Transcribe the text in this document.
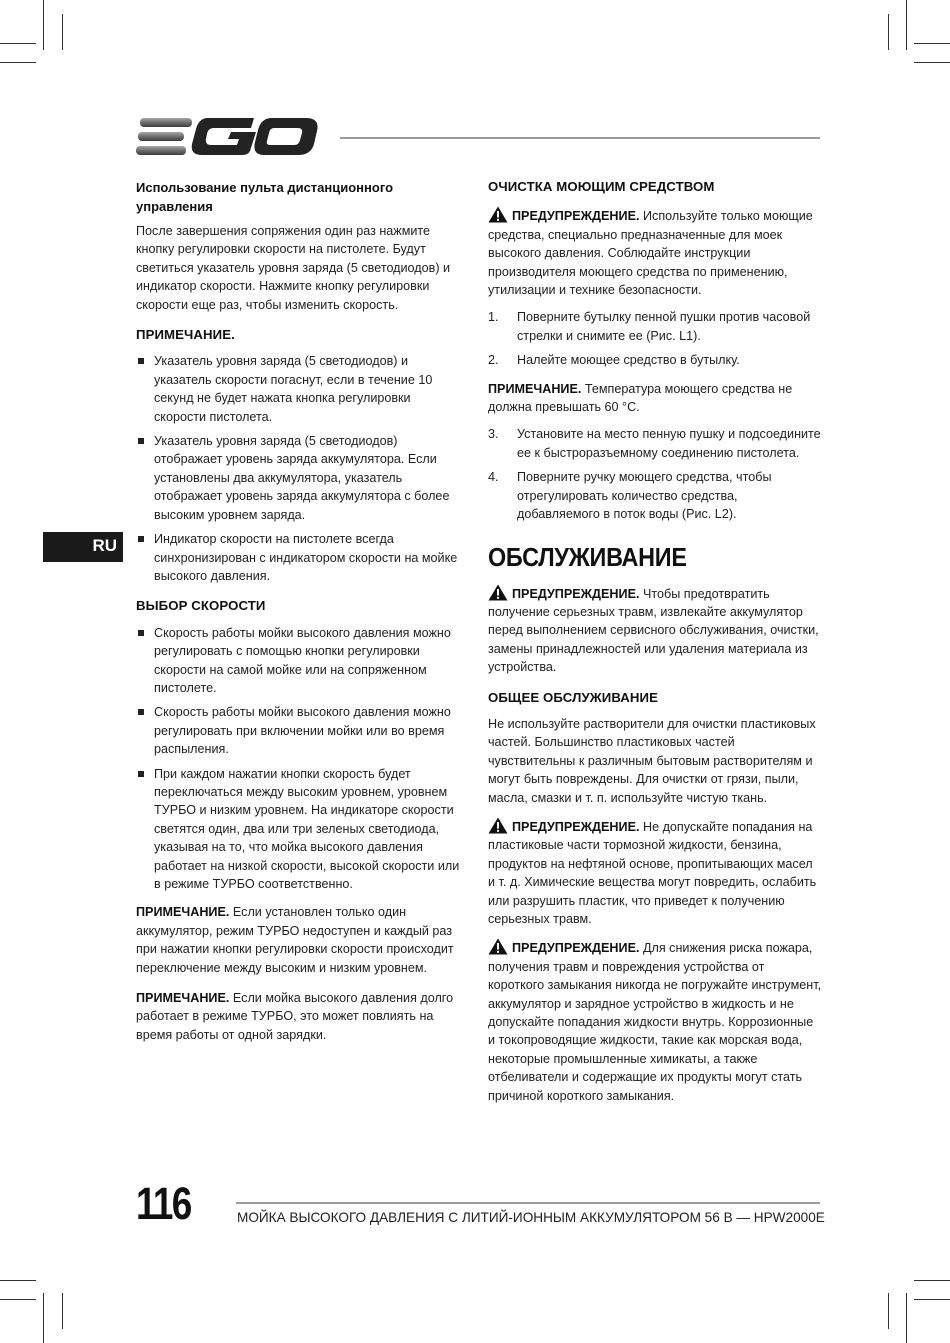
RU
Использование пульта дистанционного управления

После завершения сопряжения один раз нажмите кнопку регулировки скорости на пистолете. Будут светиться указатель уровня заряда (5 светодиодов) и индикатор скорости. Нажмите кнопку регулировки скорости еще раз, чтобы изменить скорость.

ПРИМЕЧАНИЕ.
Указатель уровня заряда (5 светодиодов) и указатель скорости погаснут, если в течение 10 секунд не будет нажата кнопка регулировки скорости пистолета.
Указатель уровня заряда (5 светодиодов) отображает уровень заряда аккумулятора. Если установлены два аккумулятора, указатель отображает уровень заряда аккумулятора с более высоким уровнем заряда.
Индикатор скорости на пистолете всегда синхронизирован с индикатором скорости на мойке высокого давления.
ВЫБОР СКОРОСТИ
Скорость работы мойки высокого давления можно регулировать с помощью кнопки регулировки скорости на самой мойке или на сопряженном пистолете.
Скорость работы мойки высокого давления можно регулировать при включении мойки или во время распыления.
При каждом нажатии кнопки скорость будет переключаться между высоким уровнем, уровнем ТУРБО и низким уровнем. На индикаторе скорости светятся один, два или три зеленых светодиода, указывая на то, что мойка высокого давления работает на низкой скорости, высокой скорости или в режиме ТУРБО соответственно.

ПРИМЕЧАНИЕ. Если установлен только один аккумулятор, режим ТУРБО недоступен и каждый раз при нажатии кнопки регулировки скорости происходит переключение между высоким и низким уровнем.

ПРИМЕЧАНИЕ. Если мойка высокого давления долго работает в режиме ТУРБО, это может повлиять на время работы от одной зарядки.

ОЧИСТКА МОЮЩИМ СРЕДСТВОМ

ПРЕДУПРЕЖДЕНИЕ. Используйте только моющие средства, специально предназначенные для моек высокого давления. Соблюдайте инструкции производителя моющего средства по применению, утилизации и технике безопасности.

1. Поверните бутылку пенной пушки против часовой стрелки и снимите ее (Рис. L1).
2. Налейте моющее средство в бутылку.

ПРИМЕЧАНИЕ. Температура моющего средства не должна превышать 60 °C.

3. Установите на место пенную пушку и подсоедините ее к быстроразъемному соединению пистолета.
4. Поверните ручку моющего средства, чтобы отрегулировать количество средства, добавляемого в поток воды (Рис. L2).
ОБСЛУЖИВАНИЕ

ПРЕДУПРЕЖДЕНИЕ. Чтобы предотвратить получение серьезных травм, извлекайте аккумулятор перед выполнением сервисного обслуживания, очистки, замены принадлежностей или удаления материала из устройства.

ОБЩЕЕ ОБСЛУЖИВАНИЕ

Не используйте растворители для очистки пластиковых частей. Большинство пластиковых частей чувствительны к различным бытовым растворителям и могут быть повреждены. Для очистки от грязи, пыли, масла, смазки и т. п. используйте чистую ткань.

ПРЕДУПРЕЖДЕНИЕ. Не допускайте попадания на пластиковые части тормозной жидкости, бензина, продуктов на нефтяной основе, пропитывающих масел и т. д. Химические вещества могут повредить, ослабить или разрушить пластик, что приведет к получению серьезных травм.

ПРЕДУПРЕЖДЕНИЕ. Для снижения риска пожара, получения травм и повреждения устройства от короткого замыкания никогда не погружайте инструмент, аккумулятор и зарядное устройство в жидкость и не допускайте попадания жидкости внутрь. Коррозионные и токопроводящие жидкости, такие как морская вода, некоторые промышленные химикаты, а также отбеливатели и содержащие их продукты могут стать причиной короткого замыкания.

116	МОЙКА ВЫСОКОГО ДАВЛЕНИЯ С ЛИТИЙ-ИОННЫМ АККУМУЛЯТОРОМ 56 В — HPW2000E
